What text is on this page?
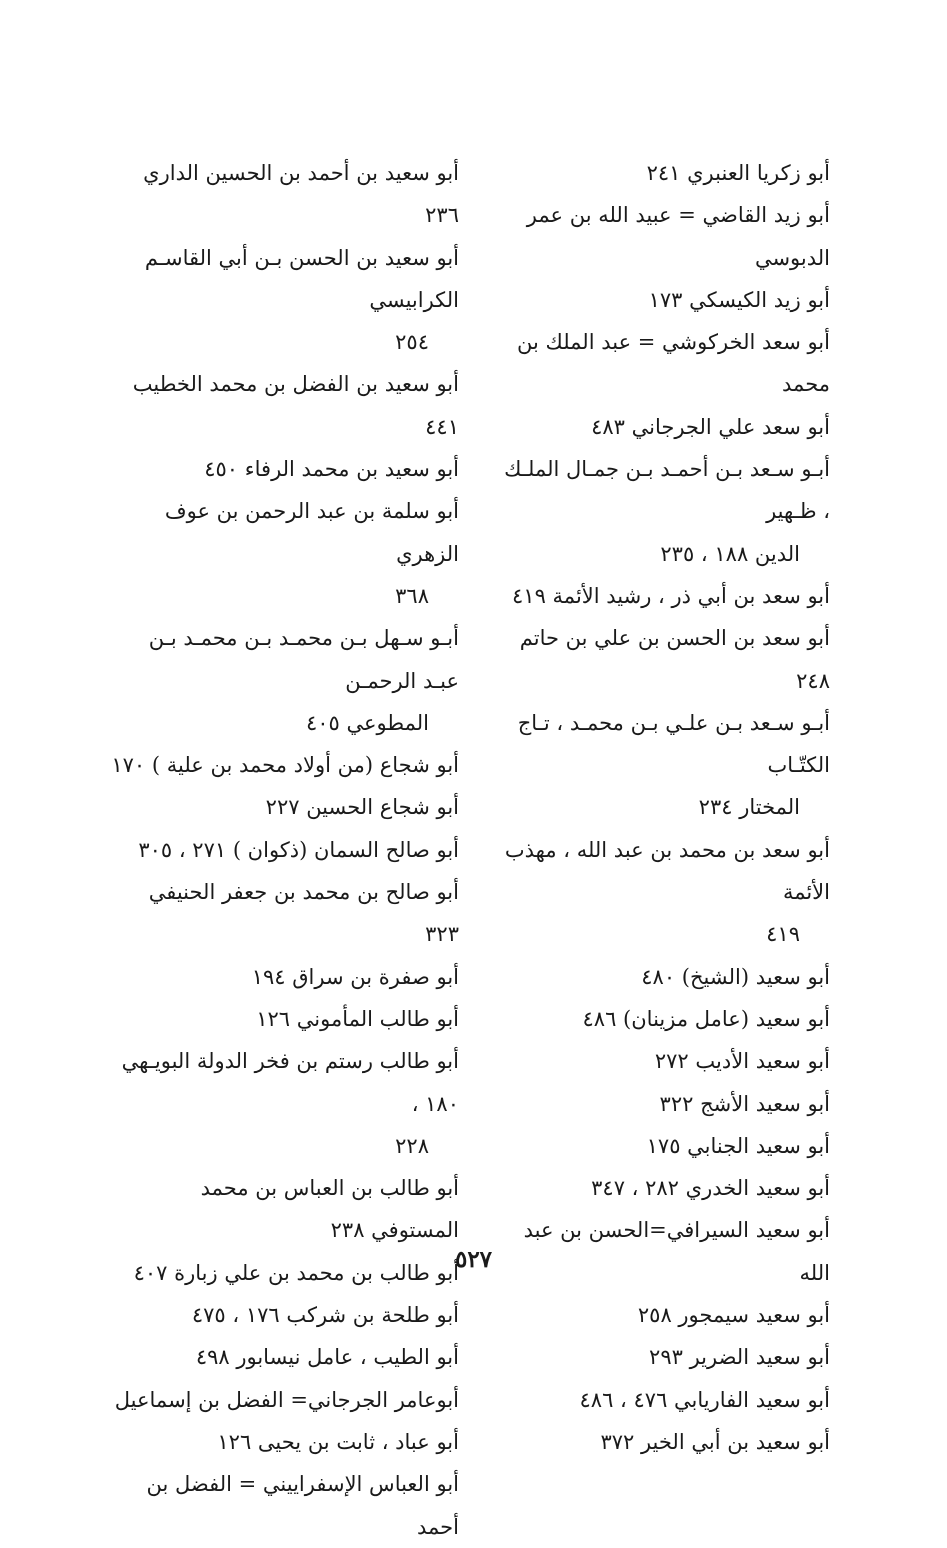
أبو سعيد بن أحمد بن الحسين الداري ٢٣٦
أبو سعيد بن الحسن بـن أبي القاسـم الكرابيسي
٢٥٤
أبو سعيد بن الفضل بن محمد الخطيب ٤٤١
أبو سعيد بن محمد الرفاء ٤٥٠
أبو سلمة بن عبد الرحمن بن عوف الزهري
٣٦٨
أبـو سـهل بـن محمـد بـن محمـد بـن عبـد الرحمـن
المطوعي ٤٠٥
أبو شجاع (من أولاد محمد بن علية ) ١٧٠
أبو شجاع الحسين ٢٢٧
أبو صالح السمان (ذكوان ) ٢٧١ ، ٣٠٥
أبو صالح بن محمد بن جعفر الحنيفي ٣٢٣
أبو صفرة بن سراق ١٩٤
أبو طالب المأموني ١٢٦
أبو طالب رستم بن فخر الدولة البويـهي ١٨٠ ،
٢٢٨
أبو طالب بن العباس بن محمد المستوفي ٢٣٨
أبو طالب بن محمد بن علي زبارة ٤٠٧
أبو طلحة بن شركب ١٧٦ ، ٤٧٥
أبو الطيب ، عامل نيسابور ٤٩٨
أبوعامر الجرجاني= الفضل بن إسماعيل
أبو عباد ، ثابت بن يحيى ١٢٦
أبو العباس الإسفراييني = الفضل بن أحمد
أبو زكريا العنبري ٢٤١
أبو زيد القاضي = عبيد الله بن عمر الدبوسي
أبو زيد الكيسكي ١٧٣
أبو سعد الخركوشي = عبد الملك بن محمد
أبو سعد علي الجرجاني ٤٨٣
أبـو سـعد بـن أحمـد بـن جمـال الملـك ، ظـهير
الدين ١٨٨ ، ٢٣٥
أبو سعد بن أبي ذر ، رشيد الأئمة ٤١٩
أبو سعد بن الحسن بن علي بن حاتم ٢٤٨
أبـو سـعد بـن علـي بـن محمـد ، تـاج الكتّـاب
المختار ٢٣٤
أبو سعد بن محمد بن عبد الله ، مهذب الأئمة
٤١٩
أبو سعيد (الشيخ) ٤٨٠
أبو سعيد (عامل مزينان) ٤٨٦
أبو سعيد الأديب ٢٧٢
أبو سعيد الأشج ٣٢٢
أبو سعيد الجنابي ١٧٥
أبو سعيد الخدري ٢٨٢ ، ٣٤٧
أبو سعيد السيرافي=الحسن بن عبد الله
أبو سعيد سيمجور ٢٥٨
أبو سعيد الضرير ٢٩٣
أبو سعيد الفاريابي ٤٧٦ ، ٤٨٦
أبو سعيد بن أبي الخير ٣٧٢
٥٢٧
